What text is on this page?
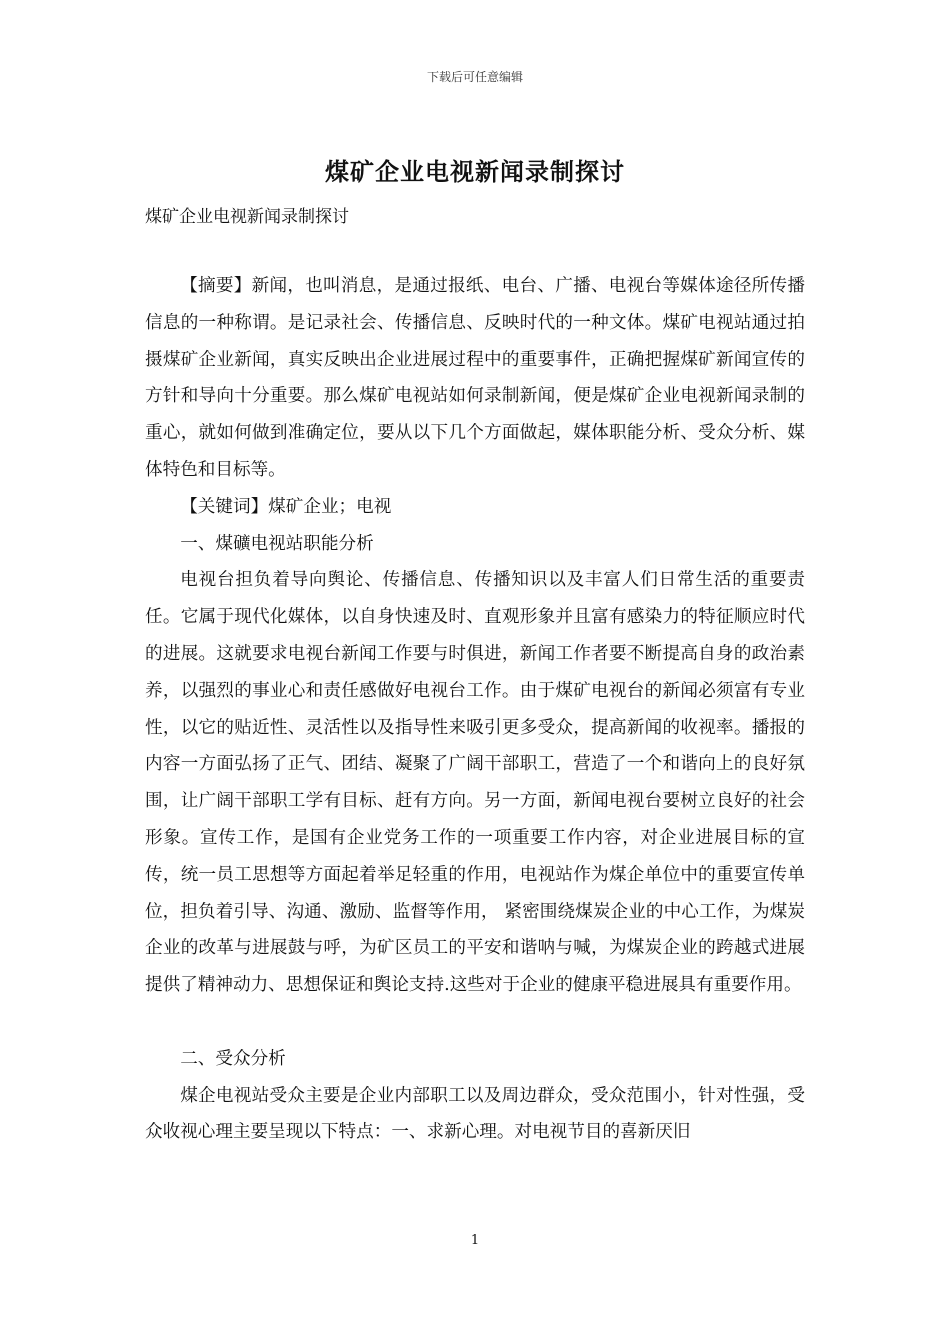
下载后可任意编辑
煤矿企业电视新闻录制探讨
煤矿企业电视新闻录制探讨

【摘要】新闻，也叫消息，是通过报纸、电台、广播、电视台等媒体途径所传播信息的一种称谓。是记录社会、传播信息、反映时代的一种文体。煤矿电视站通过拍摄煤矿企业新闻，真实反映出企业进展过程中的重要事件，正确把握煤矿新闻宣传的方针和导向十分重要。那么煤矿电视站如何录制新闻，便是煤矿企业电视新闻录制的重心，就如何做到准确定位，要从以下几个方面做起，媒体职能分析、受众分析、媒体特色和目标等。

【关键词】煤矿企业；电视

一、煤礦电视站职能分析

电视台担负着导向舆论、传播信息、传播知识以及丰富人们日常生活的重要责任。它属于现代化媒体，以自身快速及时、直观形象并且富有感染力的特征顺应时代的进展。这就要求电视台新闻工作要与时俱进，新闻工作者要不断提高自身的政治素养，以强烈的事业心和责任感做好电视台工作。由于煤矿电视台的新闻必须富有专业性，以它的贴近性、灵活性以及指导性来吸引更多受众，提高新闻的收视率。播报的内容一方面弘扬了正气、团结、凝聚了广阔干部职工，营造了一个和谐向上的良好氛围，让广阔干部职工学有目标、赶有方向。另一方面，新闻电视台要树立良好的社会形象。宣传工作，是国有企业党务工作的一项重要工作内容，对企业进展目标的宣传，统一员工思想等方面起着举足轻重的作用，电视站作为煤企单位中的重要宣传单位，担负着引导、沟通、激励、监督等作用， 紧密围绕煤炭企业的中心工作，为煤炭企业的改革与进展鼓与呼，为矿区员工的平安和谐呐与喊，为煤炭企业的跨越式进展提供了精神动力、思想保证和舆论支持.这些对于企业的健康平稳进展具有重要作用。

二、受众分析

煤企电视站受众主要是企业内部职工以及周边群众，受众范围小，针对性强，受众收视心理主要呈现以下特点：一、求新心理。对电视节目的喜新厌旧

1
